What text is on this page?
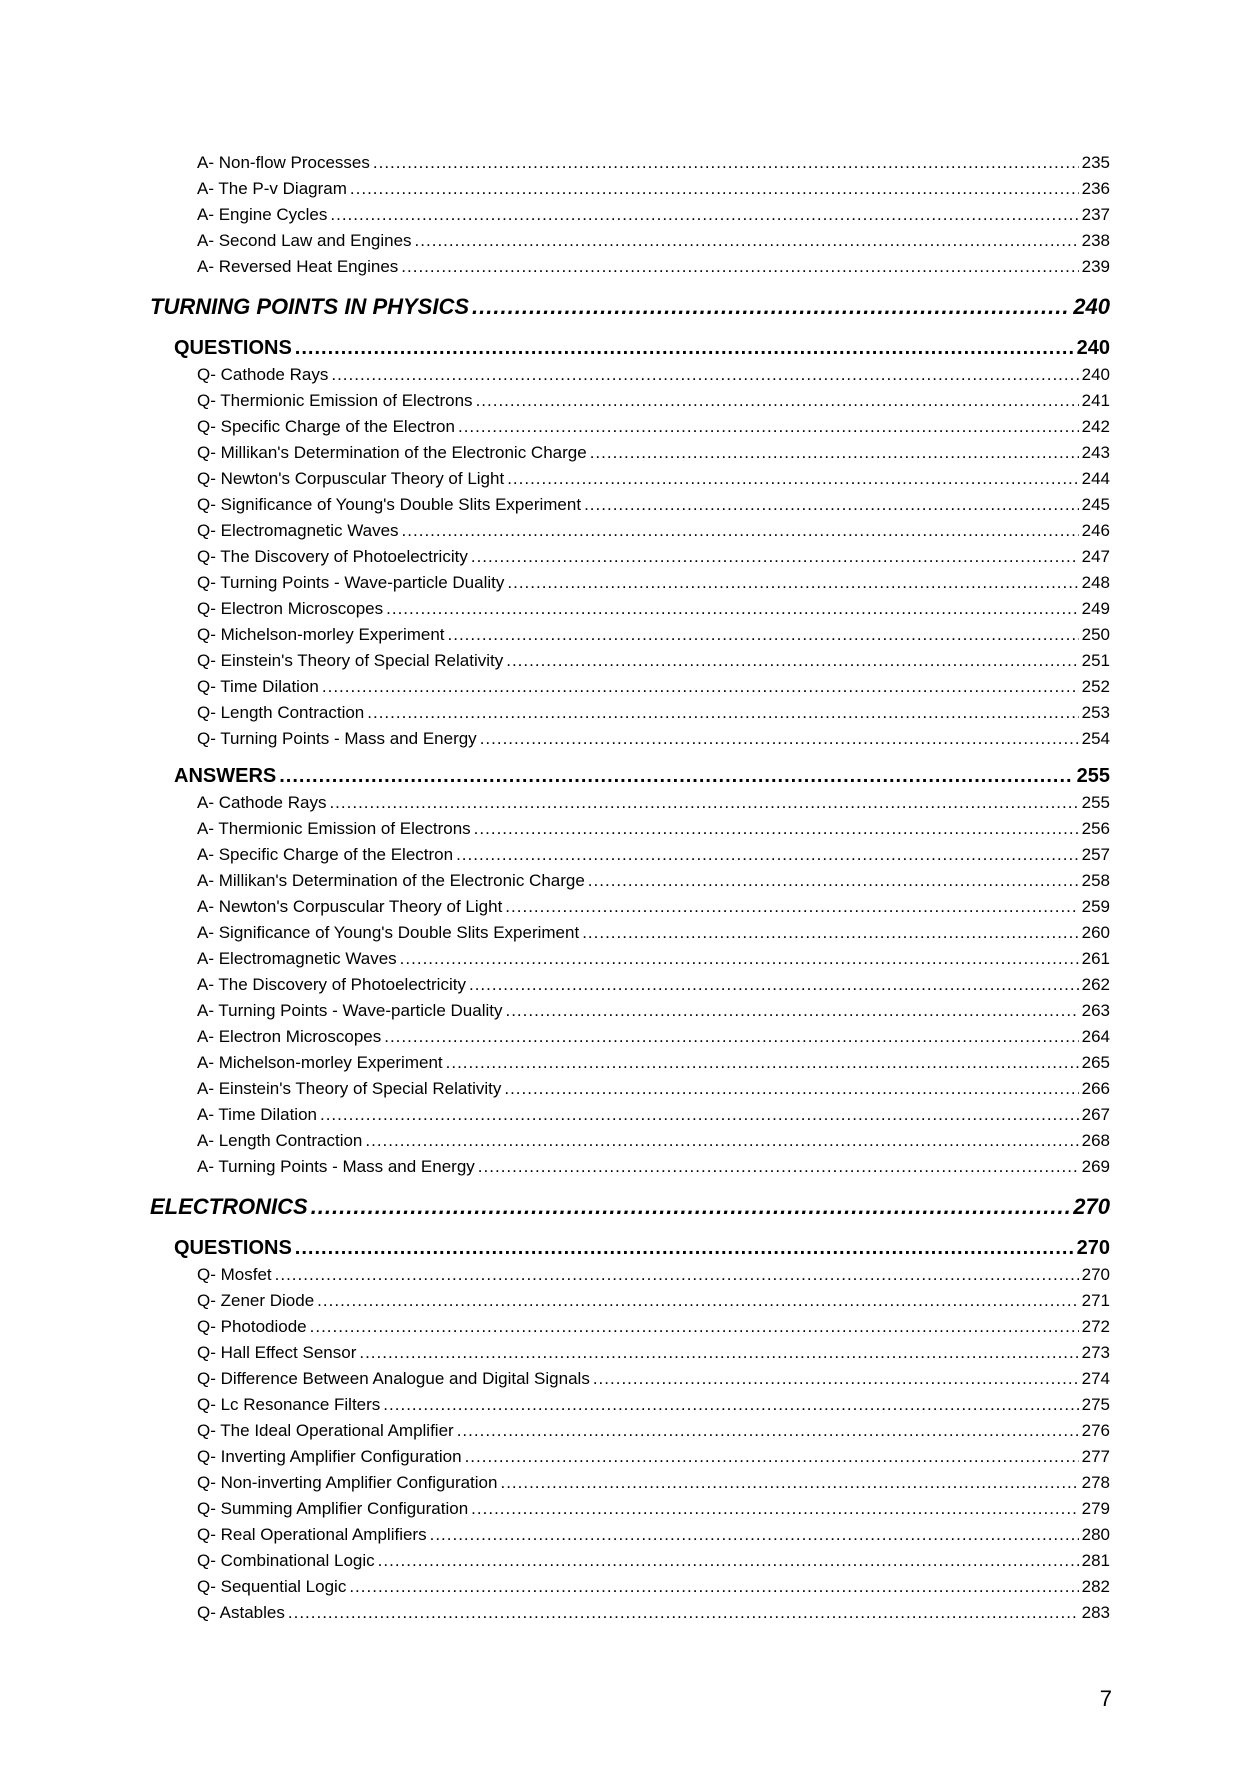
A- Non-flow Processes .....	235
A- The P-v Diagram .....	236
A- Engine Cycles .....	237
A- Second Law and Engines .....	238
A- Reversed Heat Engines .....	239
TURNING POINTS IN PHYSICS .....	240
QUESTIONS .....	240
Q- Cathode Rays .....	240
Q- Thermionic Emission of Electrons .....	241
Q- Specific Charge of the Electron .....	242
Q- Millikan's Determination of the Electronic Charge .....	243
Q- Newton's Corpuscular Theory of Light .....	244
Q- Significance of Young's Double Slits Experiment .....	245
Q- Electromagnetic Waves .....	246
Q- The Discovery of Photoelectricity .....	247
Q- Turning Points - Wave-particle Duality .....	248
Q- Electron Microscopes .....	249
Q- Michelson-morley Experiment .....	250
Q- Einstein's Theory of Special Relativity .....	251
Q- Time Dilation .....	252
Q- Length Contraction .....	253
Q- Turning Points - Mass and Energy .....	254
ANSWERS .....	255
A- Cathode Rays .....	255
A- Thermionic Emission of Electrons .....	256
A- Specific Charge of the Electron .....	257
A- Millikan's Determination of the Electronic Charge .....	258
A- Newton's Corpuscular Theory of Light .....	259
A- Significance of Young's Double Slits Experiment .....	260
A- Electromagnetic Waves .....	261
A- The Discovery of Photoelectricity .....	262
A- Turning Points - Wave-particle Duality .....	263
A- Electron Microscopes .....	264
A- Michelson-morley Experiment .....	265
A- Einstein's Theory of Special Relativity .....	266
A- Time Dilation .....	267
A- Length Contraction .....	268
A- Turning Points - Mass and Energy .....	269
ELECTRONICS .....	270
QUESTIONS .....	270
Q- Mosfet .....	270
Q- Zener Diode .....	271
Q- Photodiode .....	272
Q- Hall Effect Sensor .....	273
Q- Difference Between Analogue and Digital Signals .....	274
Q- Lc Resonance Filters .....	275
Q- The Ideal Operational Amplifier .....	276
Q- Inverting Amplifier Configuration .....	277
Q- Non-inverting Amplifier Configuration .....	278
Q- Summing Amplifier Configuration .....	279
Q- Real Operational Amplifiers .....	280
Q- Combinational Logic .....	281
Q- Sequential Logic .....	282
Q- Astables .....	283
7
